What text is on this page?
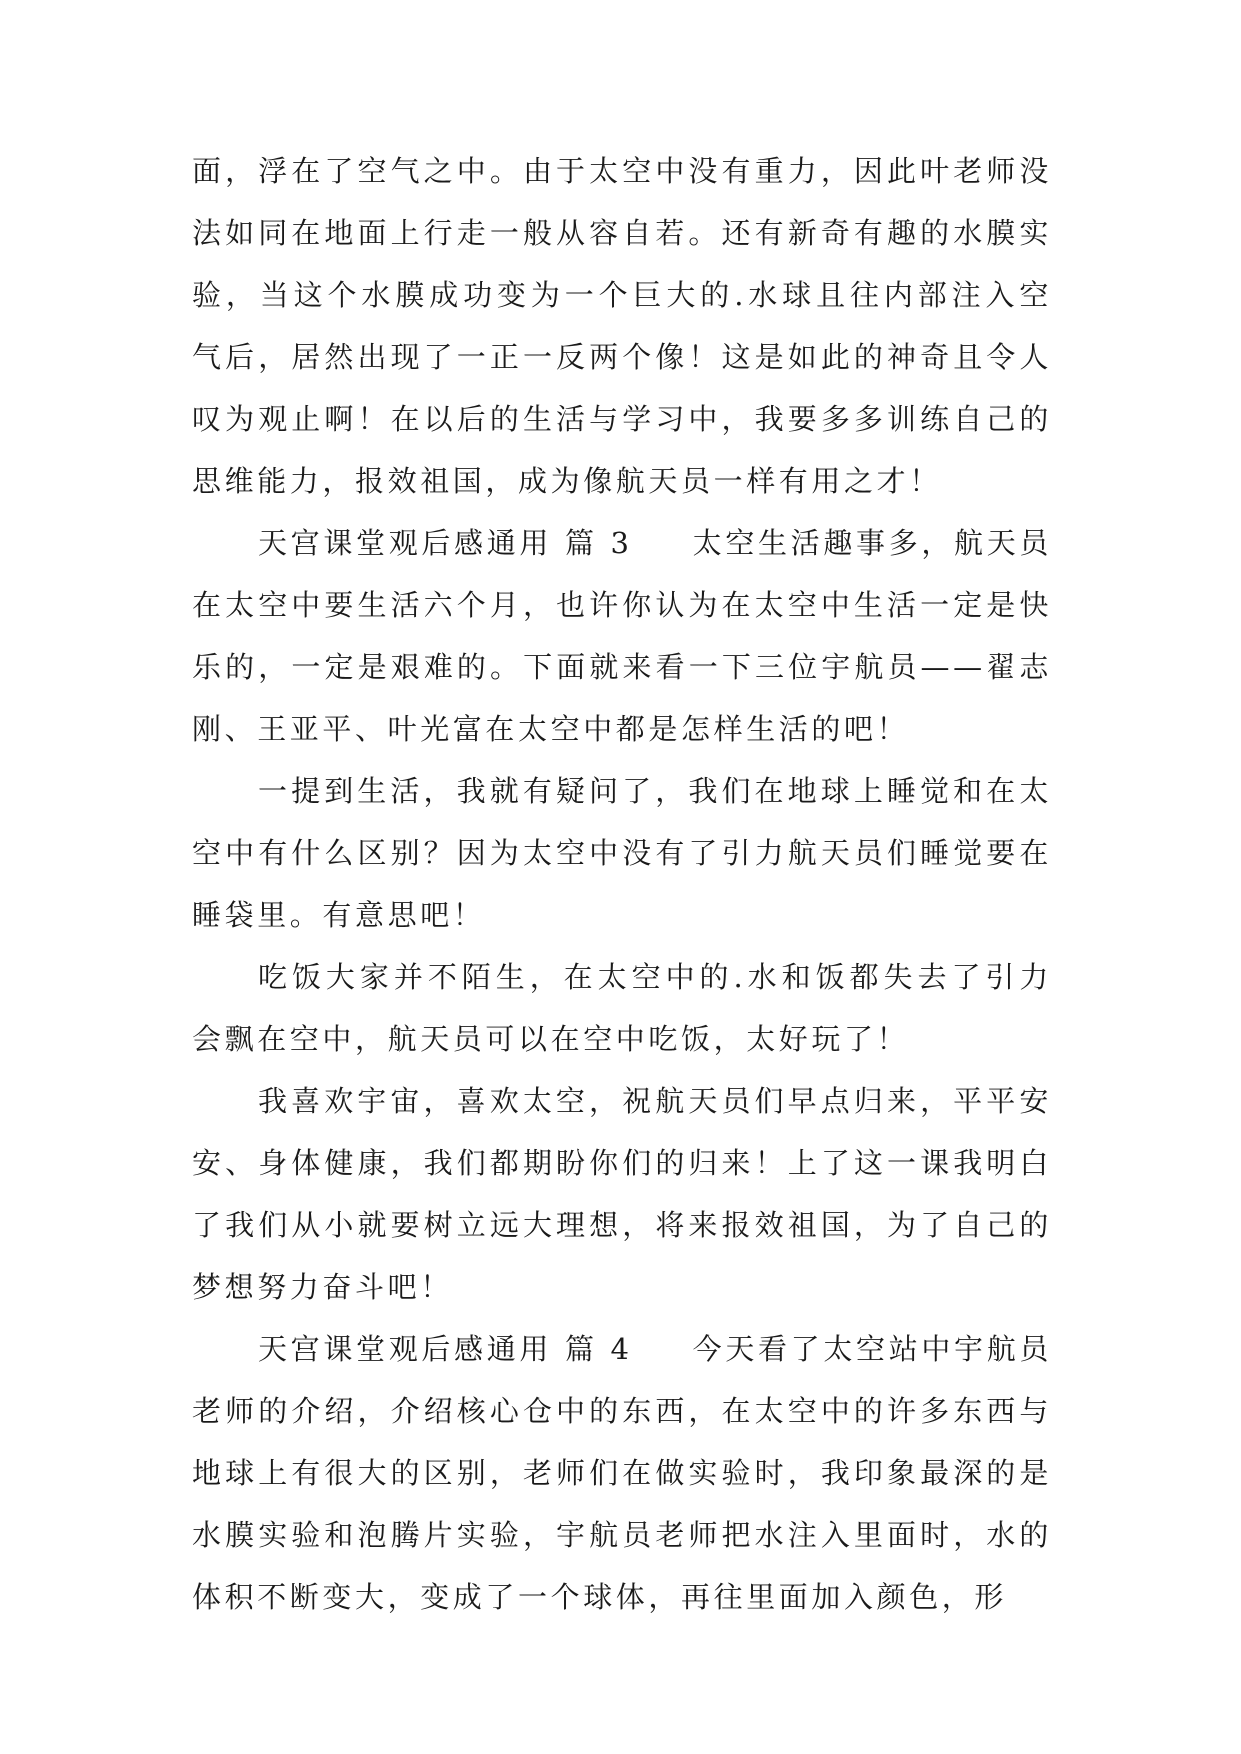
面，浮在了空气之中。由于太空中没有重力，因此叶老师没法如同在地面上行走一般从容自若。还有新奇有趣的水膜实验，当这个水膜成功变为一个巨大的.水球且往内部注入空气后，居然出现了一正一反两个像！这是如此的神奇且令人叹为观止啊！在以后的生活与学习中，我要多多训练自己的思维能力，报效祖国，成为像航天员一样有用之才！

天宫课堂观后感通用 篇 3 太空生活趣事多，航天员在太空中要生活六个月，也许你认为在太空中生活一定是快乐的，一定是艰难的。下面就来看一下三位宇航员——翟志刚、王亚平、叶光富在太空中都是怎样生活的吧！

一提到生活，我就有疑问了，我们在地球上睡觉和在太空中有什么区别？因为太空中没有了引力航天员们睡觉要在睡袋里。有意思吧！

吃饭大家并不陌生，在太空中的.水和饭都失去了引力会飘在空中，航天员可以在空中吃饭，太好玩了！

我喜欢宇宙，喜欢太空，祝航天员们早点归来，平平安安、身体健康，我们都期盼你们的归来！上了这一课我明白了我们从小就要树立远大理想，将来报效祖国，为了自己的梦想努力奋斗吧！

天宫课堂观后感通用 篇 4 今天看了太空站中宇航员老师的介绍，介绍核心仓中的东西，在太空中的许多东西与地球上有很大的区别，老师们在做实验时，我印象最深的是水膜实验和泡腾片实验，宇航员老师把水注入里面时，水的体积不断变大，变成了一个球体，再往里面加入颜色，形
